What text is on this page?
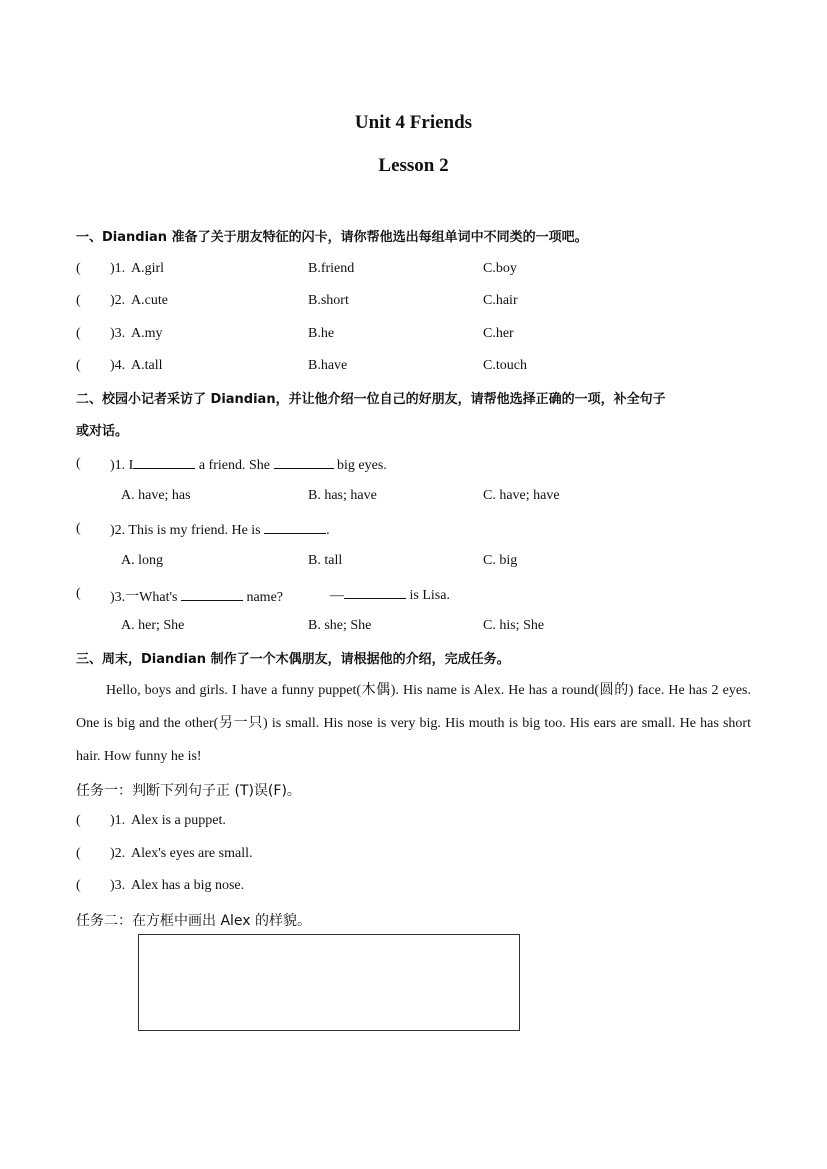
Unit 4 Friends
Lesson 2
一、Diandian 准备了关于朋友特征的闪卡，请你帮他选出每组单词中不同类的一项吧。
( )1. A.girl	B.friend	C.boy
( )2. A.cute	B.short	C.hair
( )3. A.my	B.he	C.her
( )4. A.tall	B.have	C.touch
二、校园小记者采访了 Diandian，并让他介绍一位自己的好朋友，请帮他选择正确的一项，补全句子
或对话。
( )1. I	a friend. She	big eyes.
A. have; has	B. has; have	C. have; have
( )2. This is my friend. He is	.
A. long	B. tall	C. big
( )3.一What's	name?	—	is Lisa.
A. her; She	B. she; She	C. his; She
三、周末，Diandian 制作了一个木偶朋友，请根据他的介绍，完成任务。
Hello, boys and girls. I have a funny puppet(木偶). His name is Alex. He has a round(圆的) face. He has 2 eyes. One is big and the other(另一只) is small. His nose is very big. His mouth is big too. His ears are small. He has short hair. How funny he is!
任务一：判断下列句子正 (T)误(F)。
( )1. Alex is a puppet.
( )2. Alex's eyes are small.
( )3. Alex has a big nose.
任务二：在方框中画出 Alex 的样貌。
